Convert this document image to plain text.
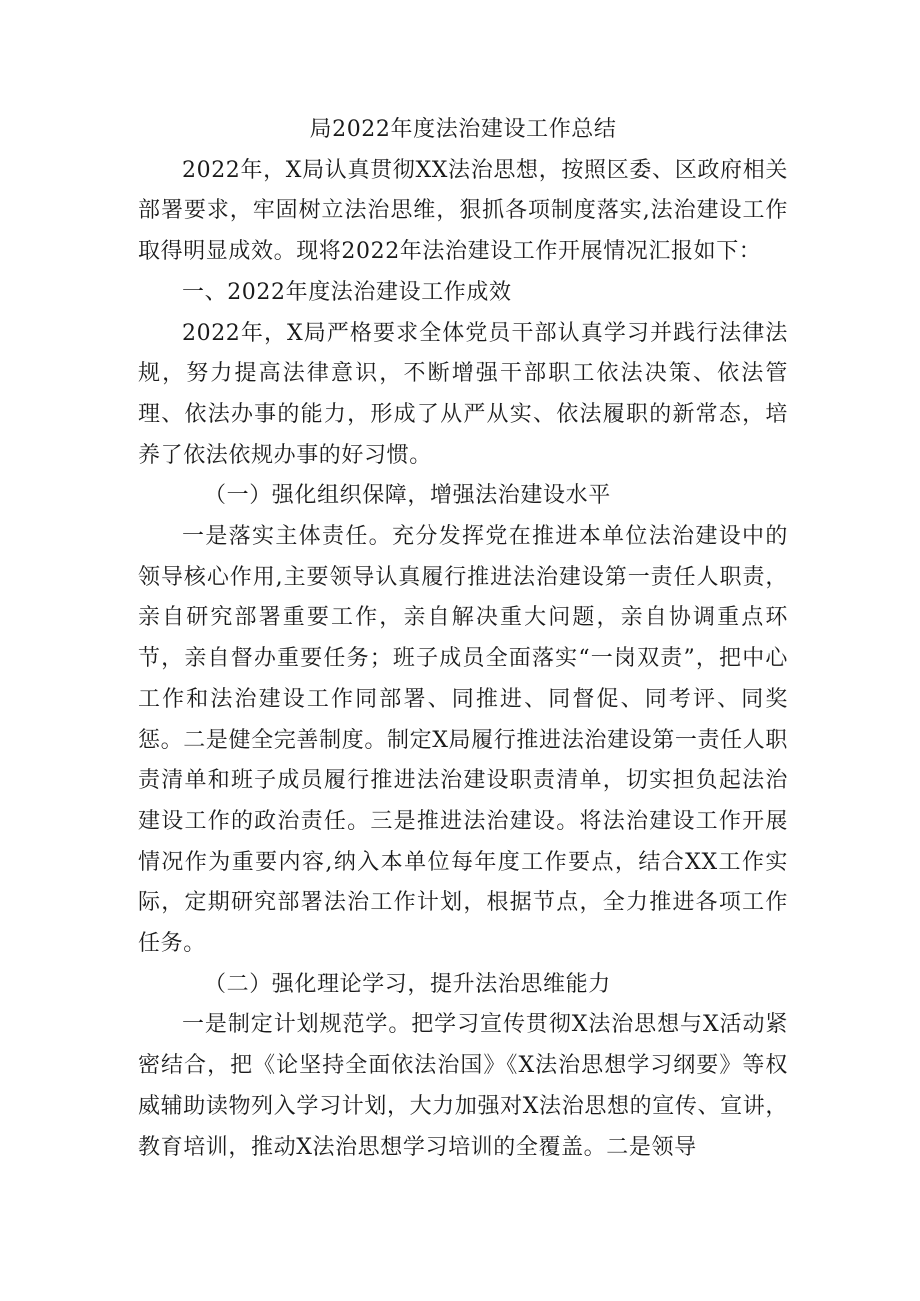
局2022年度法治建设工作总结

2022年，X局认真贯彻XX法治思想，按照区委、区政府相关部署要求，牢固树立法治思维，狠抓各项制度落实,法治建设工作取得明显成效。现将2022年法治建设工作开展情况汇报如下：

一、2022年度法治建设工作成效

2022年，X局严格要求全体党员干部认真学习并践行法律法规，努力提高法律意识，不断增强干部职工依法决策、依法管理、依法办事的能力，形成了从严从实、依法履职的新常态，培养了依法依规办事的好习惯。

（一）强化组织保障，增强法治建设水平

一是落实主体责任。充分发挥党在推进本单位法治建设中的领导核心作用,主要领导认真履行推进法治建设第一责任人职责，亲自研究部署重要工作，亲自解决重大问题，亲自协调重点环节，亲自督办重要任务；班子成员全面落实“一岗双责”，把中心工作和法治建设工作同部署、同推进、同督促、同考评、同奖惩。二是健全完善制度。制定X局履行推进法治建设第一责任人职责清单和班子成员履行推进法治建设职责清单，切实担负起法治建设工作的政治责任。三是推进法治建设。将法治建设工作开展情况作为重要内容,纳入本单位每年度工作要点，结合XX工作实际，定期研究部署法治工作计划，根据节点，全力推进各项工作任务。

（二）强化理论学习，提升法治思维能力

一是制定计划规范学。把学习宣传贯彻X法治思想与X活动紧密结合，把《论坚持全面依法治国》《X法治思想学习纲要》等权威辅助读物列入学习计划，大力加强对X法治思想的宣传、宣讲，教育培训，推动X法治思想学习培训的全覆盖。二是领导
